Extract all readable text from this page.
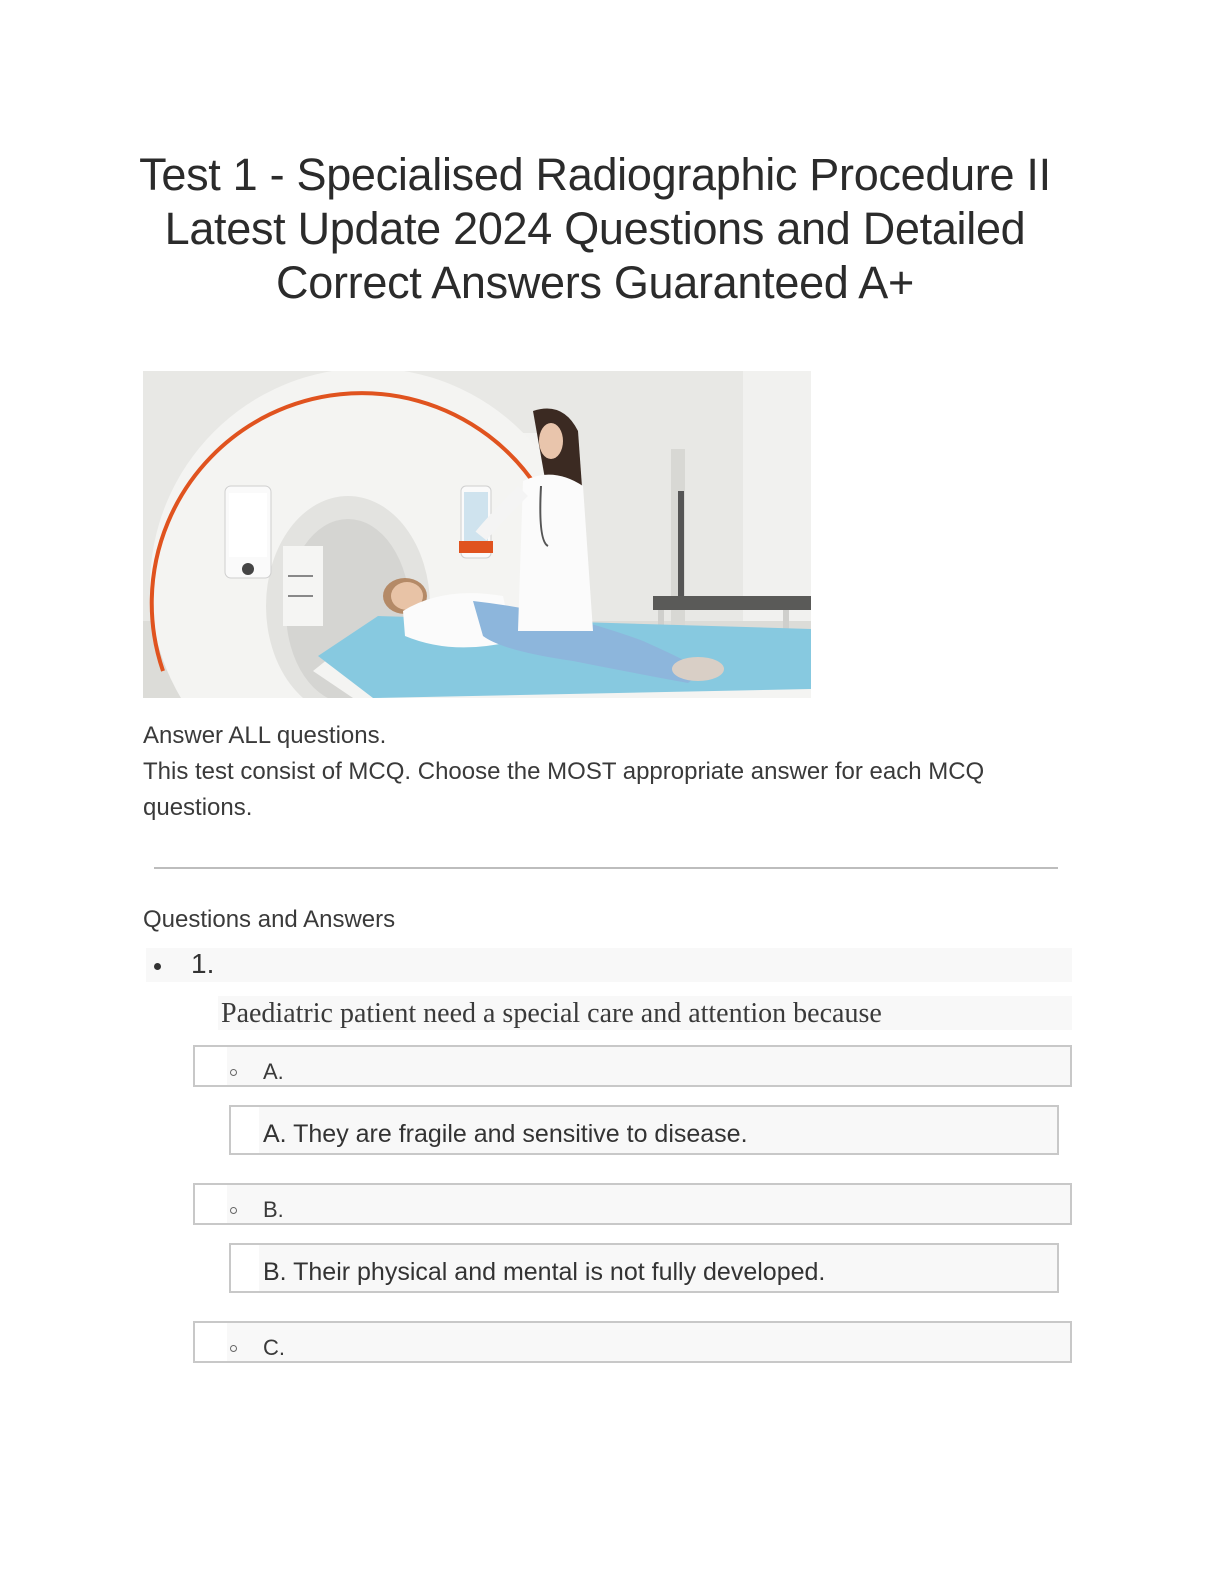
Test 1 - Specialised Radiographic Procedure II
Latest Update 2024 Questions and Detailed
Correct Answers Guaranteed A+

Answer ALL questions.

This test consist of MCQ. Choose the MOST appropriate answer for each MCQ questions.

Questions and Answers
1.
Paediatric patient need a special care and attention because
A.
A. They are fragile and sensitive to disease.
B.
B. Their physical and mental is not fully developed.
C.
